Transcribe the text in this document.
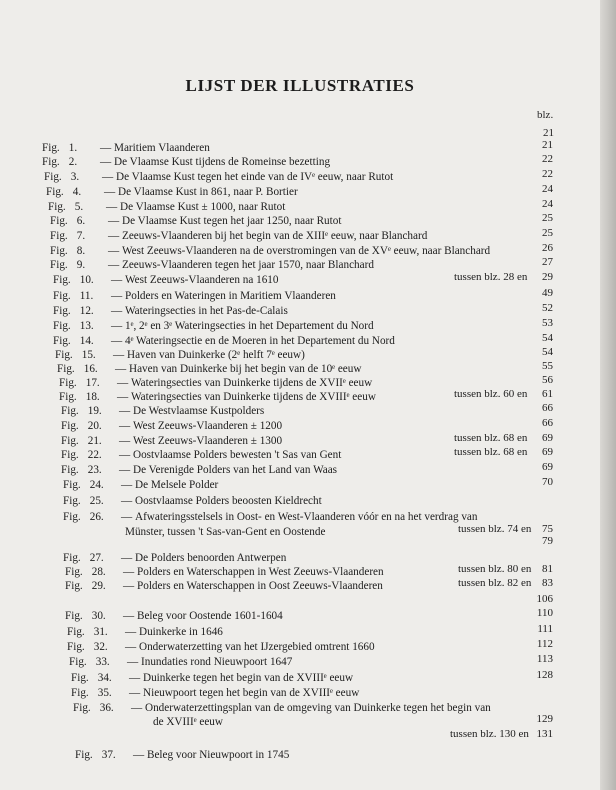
LIJST DER ILLUSTRATIES
blz.
21
Fig. 1. — Maritiem Vlaanderen	21
Fig. 2. — De Vlaamse Kust tijdens de Romeinse bezetting	22
Fig. 3. — De Vlaamse Kust tegen het einde van de IVᵉ eeuw, naar Rutot	22
Fig. 4. — De Vlaamse Kust in 861, naar P. Bortier	24
Fig. 5. — De Vlaamse Kust ± 1000, naar Rutot	24
Fig. 6. — De Vlaamse Kust tegen het jaar 1250, naar Rutot	25
Fig. 7. — Zeeuws-Vlaanderen bij het begin van de XIIIᵉ eeuw, naar Blanchard	25
Fig. 8. — West Zeeuws-Vlaanderen na de overstromingen van de XVᵉ eeuw, naar Blanchard	26
Fig. 9. — Zeeuws-Vlaanderen tegen het jaar 1570, naar Blanchard	27
Fig. 10. — West Zeeuws-Vlaanderen na 1610	tussen blz. 28 en	29
Fig. 11. — Polders en Wateringen in Maritiem Vlaanderen	49
Fig. 12. — Wateringsecties in het Pas-de-Calais	52
Fig. 13. — 1ᵉ, 2ᵉ en 3ᵉ Wateringsecties in het Departement du Nord	53
Fig. 14. — 4ᵉ Wateringsectie en de Moeren in het Departement du Nord	54
Fig. 15. — Haven van Duinkerke (2ᵉ helft 7ᵉ eeuw)	54
Fig. 16. — Haven van Duinkerke bij het begin van de 10ᵉ eeuw	55
Fig. 17. — Wateringsecties van Duinkerke tijdens de XVIIᵉ eeuw	56
Fig. 18. — Wateringsecties van Duinkerke tijdens de XVIIIᵉ eeuw	tussen blz. 60 en	61
Fig. 19. — De Westvlaamse Kustpolders	66
Fig. 20. — West Zeeuws-Vlaanderen ± 1200	66
Fig. 21. — West Zeeuws-Vlaanderen ± 1300	tussen blz. 68 en	69
Fig. 22. — Oostvlaamse Polders bewesten 't Sas van Gent	tussen blz. 68 en	69
Fig. 23. — De Verenigde Polders van het Land van Waas	69
Fig. 24. — De Melsele Polder	70
Fig. 25. — Oostvlaamse Polders beoosten Kieldrecht
Fig. 26. — Afwateringsstelsels in Oost- en West-Vlaanderen vóór en na het verdrag van
Münster, tussen 't Sas-van-Gent en Oostende	tussen blz. 74 en 75
79
Fig. 27. — De Polders benoorden Antwerpen
Fig. 28. — Polders en Waterschappen in West Zeeuws-Vlaanderen	tussen blz. 80 en 81
Fig. 29. — Polders en Waterschappen in Oost Zeeuws-Vlaanderen	tussen blz. 82 en 83
106
Fig. 30. — Beleg voor Oostende 1601-1604	110
Fig. 31. — Duinkerke in 1646	111
Fig. 32. — Onderwaterzetting van het IJzergebied omtrent 1660	112
Fig. 33. — Inundaties rond Nieuwpoort 1647	113
Fig. 34. — Duinkerke tegen het begin van de XVIIIᵉ eeuw	128
Fig. 35. — Nieuwpoort tegen het begin van de XVIIIᵉ eeuw
Fig. 36. — Onderwaterzettingsplan van de omgeving van Duinkerke tegen het begin van
de XVIIIᵉ eeuw	129
tussen blz. 130 en 131
Fig. 37. — Beleg voor Nieuwpoort in 1745
